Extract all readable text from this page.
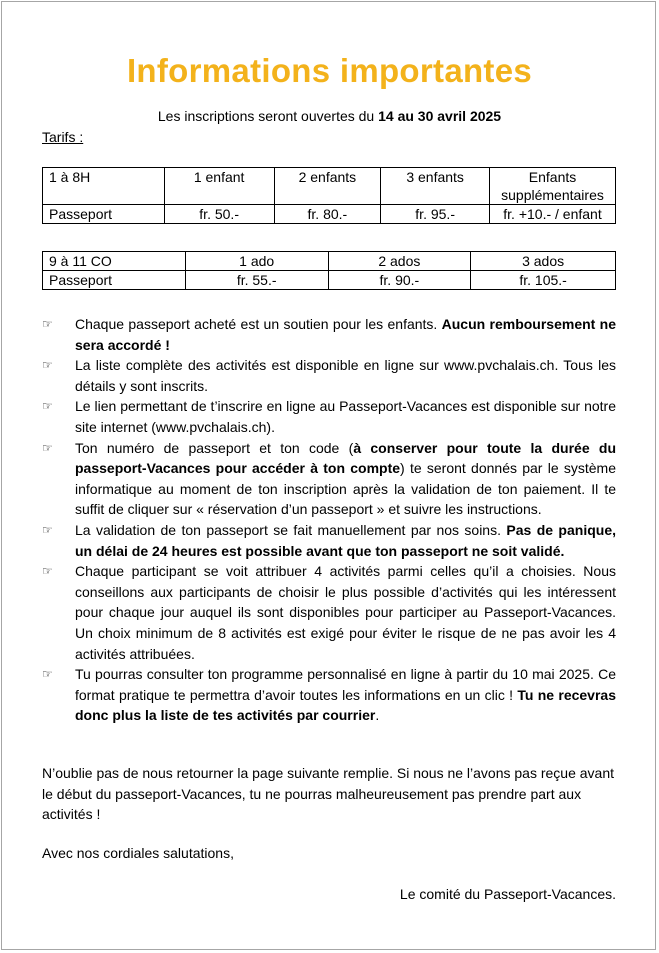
Informations importantes
Les inscriptions seront ouvertes du 14 au 30 avril 2025
Tarifs :
1 à 8H	1 enfant	2 enfants	3 enfants	Enfants supplémentaires
Passeport	fr. 50.-	fr. 80.-	fr. 95.-	fr. +10.- / enfant
9 à 11 CO	1 ado	2 ados	3 ados
Passeport	fr. 55.-	fr. 90.-	fr. 105.-
☞ Chaque passeport acheté est un soutien pour les enfants. Aucun remboursement ne sera accordé !
☞ La liste complète des activités est disponible en ligne sur www.pvchalais.ch. Tous les détails y sont inscrits.
☞ Le lien permettant de t’inscrire en ligne au Passeport-Vacances est disponible sur notre site internet (www.pvchalais.ch).
☞ Ton numéro de passeport et ton code (à conserver pour toute la durée du passeport-Vacances pour accéder à ton compte) te seront donnés par le système informatique au moment de ton inscription après la validation de ton paiement. Il te suffit de cliquer sur « réservation d’un passeport » et suivre les instructions.
☞ La validation de ton passeport se fait manuellement par nos soins. Pas de panique, un délai de 24 heures est possible avant que ton passeport ne soit validé.
☞ Chaque participant se voit attribuer 4 activités parmi celles qu’il a choisies. Nous conseillons aux participants de choisir le plus possible d’activités qui les intéressent pour chaque jour auquel ils sont disponibles pour participer au Passeport-Vacances. Un choix minimum de 8 activités est exigé pour éviter le risque de ne pas avoir les 4 activités attribuées.
☞ Tu pourras consulter ton programme personnalisé en ligne à partir du 10 mai 2025. Ce format pratique te permettra d’avoir toutes les informations en un clic ! Tu ne recevras donc plus la liste de tes activités par courrier.
N’oublie pas de nous retourner la page suivante remplie. Si nous ne l’avons pas reçue avant le début du passeport-Vacances, tu ne pourras malheureusement pas prendre part aux activités !
Avec nos cordiales salutations,
Le comité du Passeport-Vacances.
